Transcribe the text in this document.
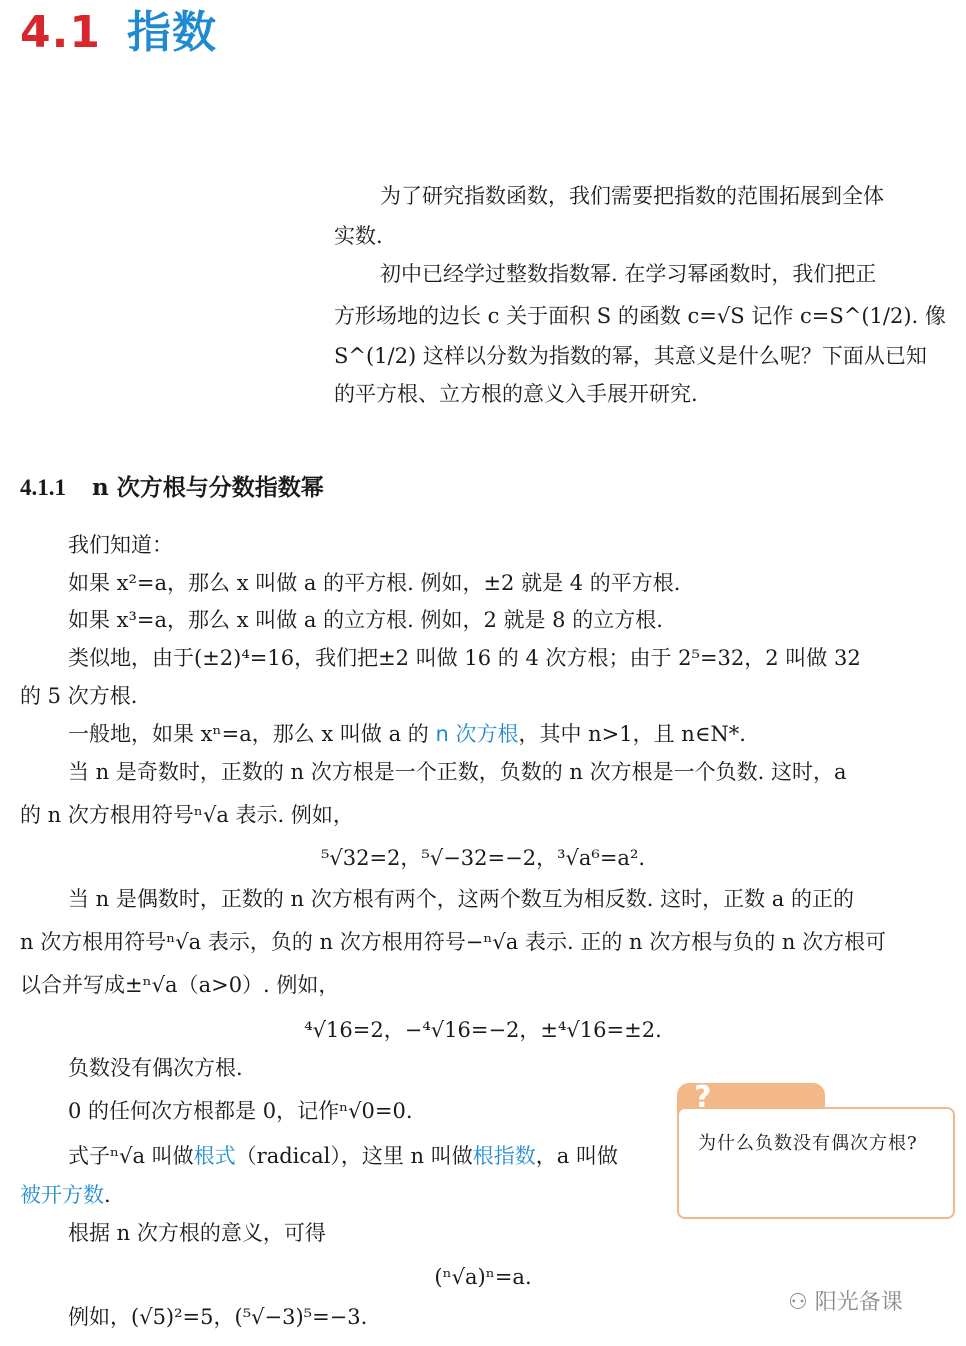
4.1 指数
为了研究指数函数，我们需要把指数的范围拓展到全体
实数.
初中已经学过整数指数幂. 在学习幂函数时，我们把正
方形场地的边长 c 关于面积 S 的函数 c=√S 记作 c=S^(1/2). 像
S^(1/2) 这样以分数为指数的幂，其意义是什么呢？下面从已知
的平方根、立方根的意义入手展开研究.
4.1.1 n 次方根与分数指数幂
我们知道：
如果 x²=a，那么 x 叫做 a 的平方根. 例如，±2 就是 4 的平方根.
如果 x³=a，那么 x 叫做 a 的立方根. 例如，2 就是 8 的立方根.
类似地，由于(±2)⁴=16，我们把±2 叫做 16 的 4 次方根；由于 2⁵=32，2 叫做 32
的 5 次方根.
一般地，如果 xⁿ=a，那么 x 叫做 a 的 n 次方根，其中 n>1，且 n∈N*.
当 n 是奇数时，正数的 n 次方根是一个正数，负数的 n 次方根是一个负数. 这时，a
的 n 次方根用符号ⁿ√a 表示. 例如，
⁵√32=2，⁵√−32=−2，³√a⁶=a².
当 n 是偶数时，正数的 n 次方根有两个，这两个数互为相反数. 这时，正数 a 的正的
n 次方根用符号ⁿ√a 表示，负的 n 次方根用符号−ⁿ√a 表示. 正的 n 次方根与负的 n 次方根可
以合并写成±ⁿ√a（a>0）. 例如，
⁴√16=2，−⁴√16=−2，±⁴√16=±2.
负数没有偶次方根.
0 的任何次方根都是 0，记作ⁿ√0=0.
式子ⁿ√a 叫做根式（radical），这里 n 叫做根指数，a 叫做
被开方数.
根据 n 次方根的意义，可得
(ⁿ√a)ⁿ=a.
例如，(√5)²=5，(⁵√−3)⁵=−3.
?
为什么负数没有偶次方根?
⚇ 阳光备课
